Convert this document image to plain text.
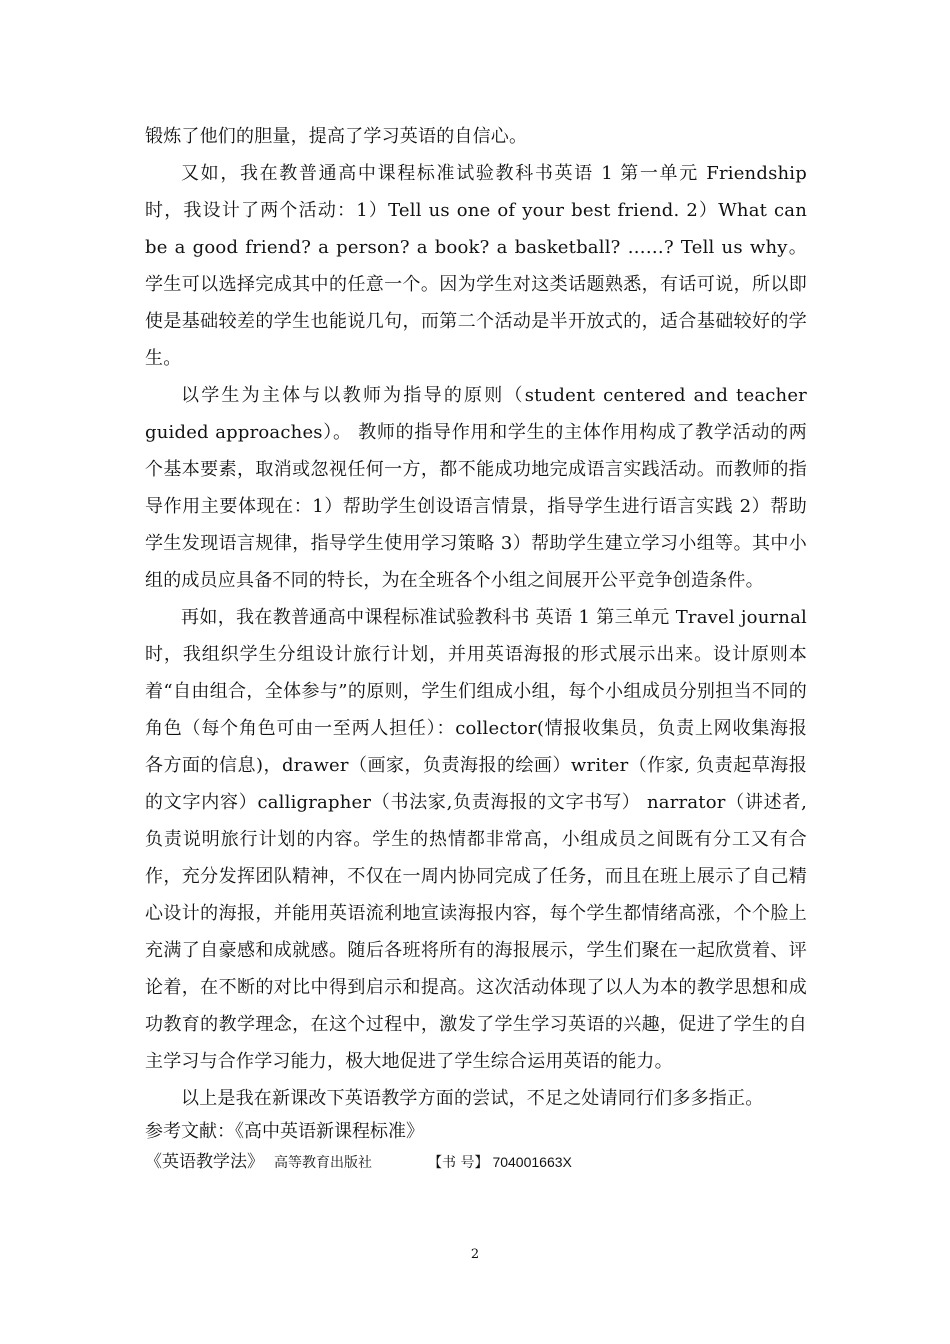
锻炼了他们的胆量，提高了学习英语的自信心。

又如，我在教普通高中课程标准试验教科书英语 1 第一单元 Friendship 时，我设计了两个活动：1）Tell us one of your best friend. 2）What can be a good friend? a person? a book? a basketball? ……? Tell us why。学生可以选择完成其中的任意一个。因为学生对这类话题熟悉，有话可说，所以即使是基础较差的学生也能说几句，而第二个活动是半开放式的，适合基础较好的学生。

以学生为主体与以教师为指导的原则（student centered and teacher guided approaches）。 教师的指导作用和学生的主体作用构成了教学活动的两个基本要素，取消或忽视任何一方，都不能成功地完成语言实践活动。而教师的指导作用主要体现在：1）帮助学生创设语言情景，指导学生进行语言实践 2）帮助学生发现语言规律，指导学生使用学习策略 3）帮助学生建立学习小组等。其中小组的成员应具备不同的特长，为在全班各个小组之间展开公平竞争创造条件。

再如，我在教普通高中课程标准试验教科书 英语 1 第三单元 Travel journal 时，我组织学生分组设计旅行计划，并用英语海报的形式展示出来。设计原则本着“自由组合，全体参与”的原则，学生们组成小组，每个小组成员分别担当不同的角色（每个角色可由一至两人担任）：collector(情报收集员，负责上网收集海报各方面的信息)，drawer（画家，负责海报的绘画）writer（作家, 负责起草海报的文字内容）calligrapher（书法家,负责海报的文字书写） narrator（讲述者, 负责说明旅行计划的内容。学生的热情都非常高，小组成员之间既有分工又有合作，充分发挥团队精神，不仅在一周内协同完成了任务，而且在班上展示了自己精心设计的海报，并能用英语流利地宣读海报内容，每个学生都情绪高涨，个个脸上充满了自豪感和成就感。随后各班将所有的海报展示，学生们聚在一起欣赏着、评论着，在不断的对比中得到启示和提高。这次活动体现了以人为本的教学思想和成功教育的教学理念，在这个过程中，激发了学生学习英语的兴趣，促进了学生的自主学习与合作学习能力，极大地促进了学生综合运用英语的能力。

以上是我在新课改下英语教学方面的尝试，不足之处请同行们多多指正。

参考文献：《高中英语新课程标准》

《英语教学法》 高等教育出版社	【书 号】 704001663X

2
